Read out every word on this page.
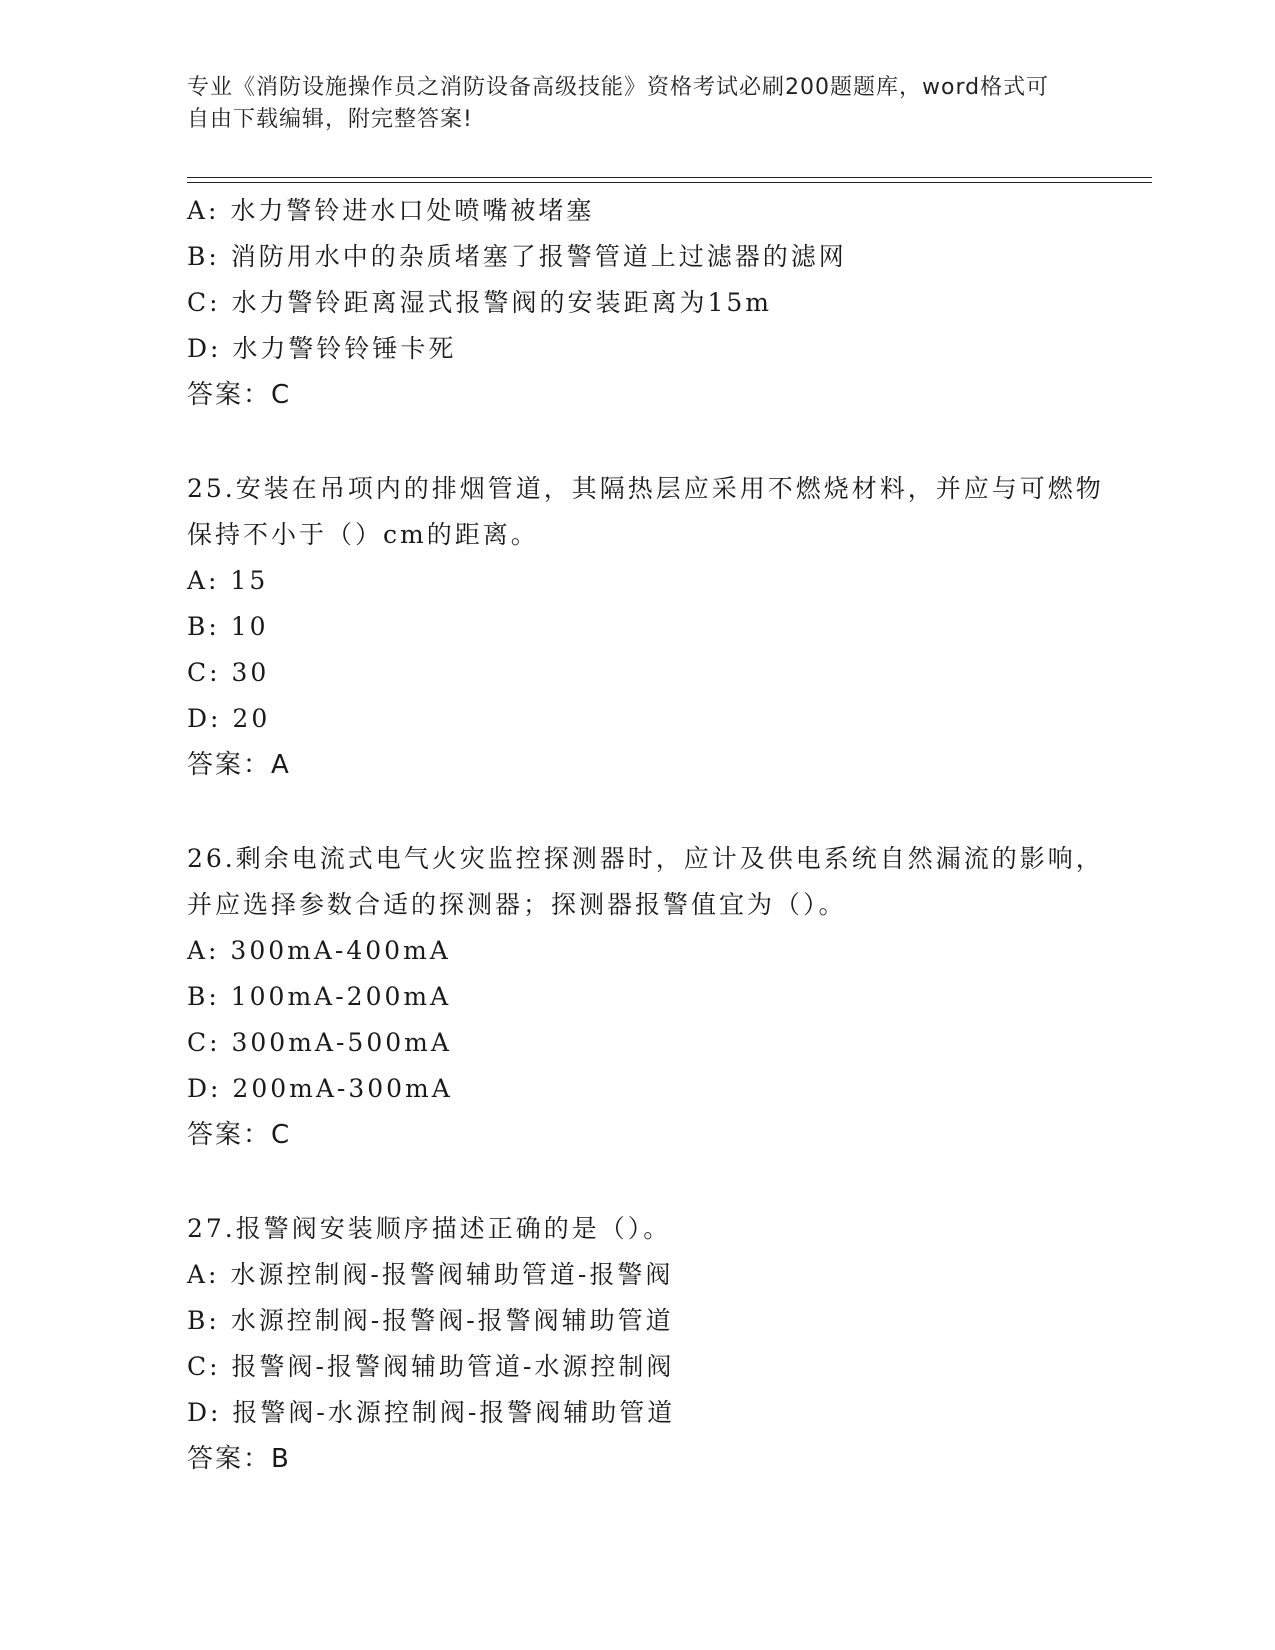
专业《消防设施操作员之消防设备高级技能》资格考试必刷200题题库，word格式可自由下载编辑，附完整答案!
A: 水力警铃进水口处喷嘴被堵塞
B: 消防用水中的杂质堵塞了报警管道上过滤器的滤网
C: 水力警铃距离湿式报警阀的安装距离为15m
D: 水力警铃铃锤卡死
答案：C
25.安装在吊项内的排烟管道，其隔热层应采用不燃烧材料，并应与可燃物保持不小于（）cm的距离。
A: 15
B: 10
C: 30
D: 20
答案：A
26.剩余电流式电气火灾监控探测器时，应计及供电系统自然漏流的影响，并应选择参数合适的探测器；探测器报警值宜为（）。
A: 300mA-400mA
B: 100mA-200mA
C: 300mA-500mA
D: 200mA-300mA
答案：C
27.报警阀安装顺序描述正确的是（）。
A: 水源控制阀-报警阀辅助管道-报警阀
B: 水源控制阀-报警阀-报警阀辅助管道
C: 报警阀-报警阀辅助管道-水源控制阀
D: 报警阀-水源控制阀-报警阀辅助管道
答案：B
